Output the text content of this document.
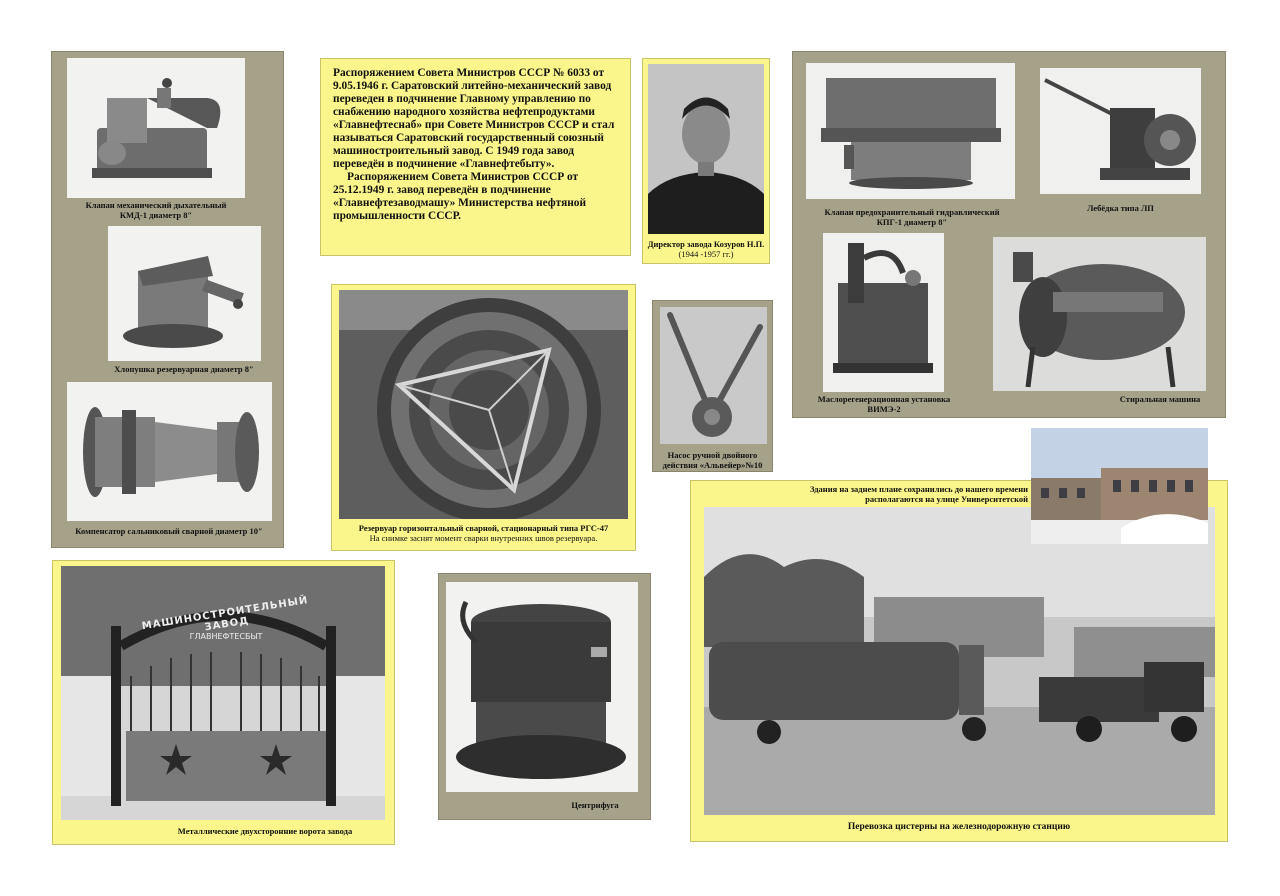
Клапан механический дыхательный
КМД-1 диаметр 8″
Хлопушка резервуарная диаметр 8″
Компенсатор сальниковый сварной диаметр 10″

Распоряжением Совета Министров СССР № 6033 от 9.05.1946 г. Саратовский литейно-механический завод переведен в подчинение Главному управлению по снабжению народного хозяйства нефтепродуктами «Главнефтеснаб» при Совете Министров СССР и стал называться Саратовский государственный союзный машиностроительный завод. С 1949 года завод переведён в подчинение «Главнефтебыту».

Распоряжением Совета Министров СССР от 25.12.1949 г. завод переведён в подчинение «Главнефтезаводмашу» Министерства нефтяной промышленности СССР.

Директор завода Козуров Н.П.
(1944 -1957 гг.)
Резервуар горизонтальный сварной, стационарный типа РГС-47
На снимке заснят момент сварки внутренних швов резервуара.
Насос ручной двойного
действия «Альвейер»№10
Клапан предохранительный гидравлический
КПГ-1 диаметр 8″
Лебёдка типа ЛП
Маслорегенерационная установка
ВИМЭ-2
Стиральная машина
Здания на заднем плане сохранились до нашего времени
располагаются на улице Университетской
Перевозка цистерны на железнодорожную станцию
МАШИНОСТРОИТЕЛЬНЫЙ ЗАВОД
ГЛАВНЕФТЕСБЫТ
Металлические двухсторонние ворота завода
Центрифуга
